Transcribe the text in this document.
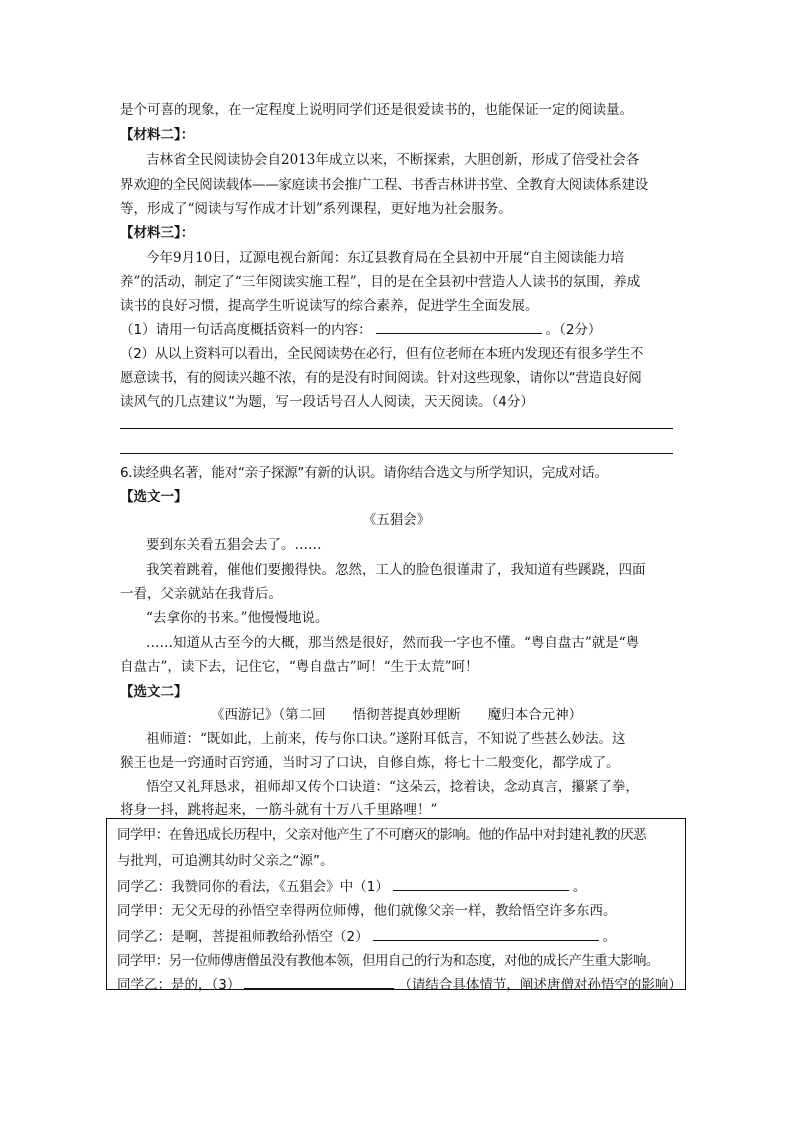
是个可喜的现象，在一定程度上说明同学们还是很爱读书的，也能保证一定的阅读量。
【材料二】：
吉林省全民阅读协会自2013年成立以来，不断探索，大胆创新，形成了倍受社会各
界欢迎的全民阅读载体——家庭读书会推广工程、书香吉林讲书堂、全教育大阅读体系建设
等，形成了“阅读与写作成才计划”系列课程，更好地为社会服务。
【材料三】：
今年9月10日，辽源电视台新闻：东辽县教育局在全县初中开展“自主阅读能力培
养”的活动，制定了“三年阅读实施工程”，目的是在全县初中营造人人读书的氛围，养成
读书的良好习惯，提高学生听说读写的综合素养，促进学生全面发展。
（1）请用一句话高度概括资料一的内容：	。（2分）
（2）从以上资料可以看出，全民阅读势在必行，但有位老师在本班内发现还有很多学生不
愿意读书，有的阅读兴趣不浓，有的是没有时间阅读。针对这些现象，请你以“营造良好阅
读风气的几点建议”为题，写一段话号召人人阅读，天天阅读。（4分）
6.读经典名著，能对“亲子探源”有新的认识。请你结合选文与所学知识，完成对话。
【选文一】
《五猖会》
要到东关看五猖会去了。……
我笑着跳着，催他们要搬得快。忽然，工人的脸色很谨肃了，我知道有些蹊跷，四面
一看，父亲就站在我背后。
“去拿你的书来。”他慢慢地说。
……知道从古至今的大概，那当然是很好，然而我一字也不懂。“粤自盘古”就是“粤
自盘古”，读下去，记住它，“粤自盘古”呵！“生于太荒”呵！
【选文二】
《西游记》（第二回　　悟彻菩提真妙理断　　魔归本合元神）
祖师道：“既如此，上前来，传与你口诀。”遂附耳低言，不知说了些甚么妙法。这
猴王也是一窍通时百窍通，当时习了口诀，自修自炼，将七十二般变化，都学成了。
悟空又礼拜恳求，祖师却又传个口诀道：“这朵云，捻着诀，念动真言，攥紧了拳，
将身一抖，跳将起来，一筋斗就有十万八千里路哩！”
同学甲：在鲁迅成长历程中，父亲对他产生了不可磨灭的影响。他的作品中对封建礼教的厌恶
与批判，可追溯其幼时父亲之“源”。
同学乙：我赞同你的看法，《五猖会》中（1）	。
同学甲：无父无母的孙悟空幸得两位师傅，他们就像父亲一样，教给悟空许多东西。
同学乙：是啊，菩提祖师教给孙悟空（2）	。
同学甲：另一位师傅唐僧虽没有教他本领，但用自己的行为和态度，对他的成长产生重大影响。
同学乙：是的，（3）	（请结合具体情节，阐述唐僧对孙悟空的影响）
